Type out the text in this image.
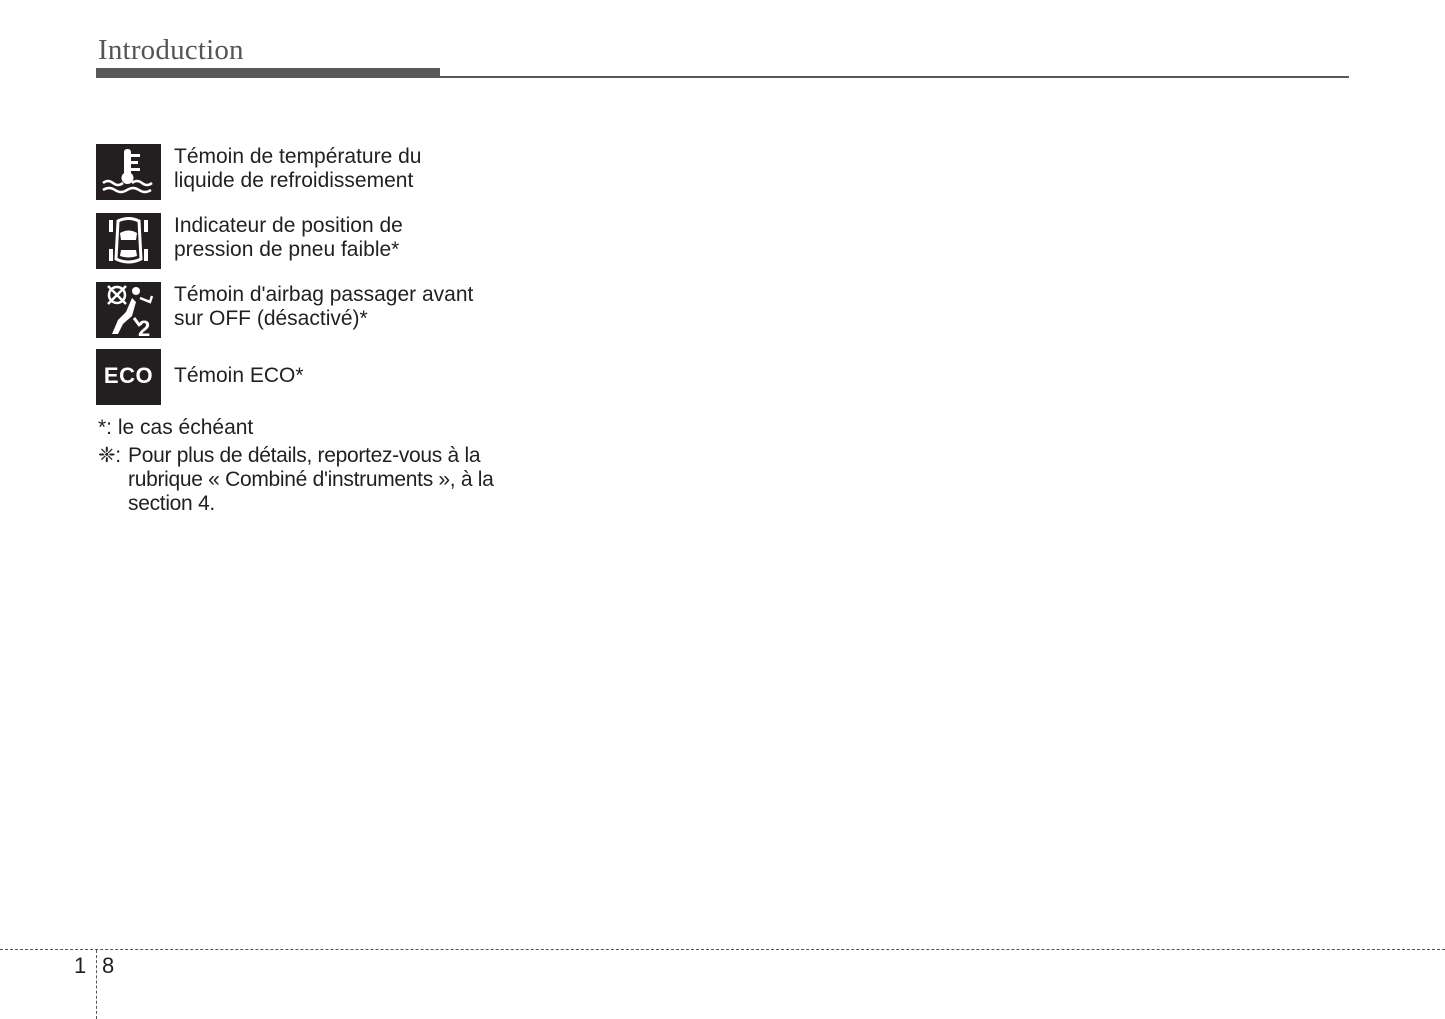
Introduction
Témoin de température du
liquide de refroidissement
Indicateur de position de
pression de pneu faible*
2
Témoin d'airbag passager avant
sur OFF (désactivé)*
ECO Témoin ECO*
*: le cas échéant
❈: Pour plus de détails, reportez-vous à la rubrique « Combiné d'instruments », à la section 4.
1 8
